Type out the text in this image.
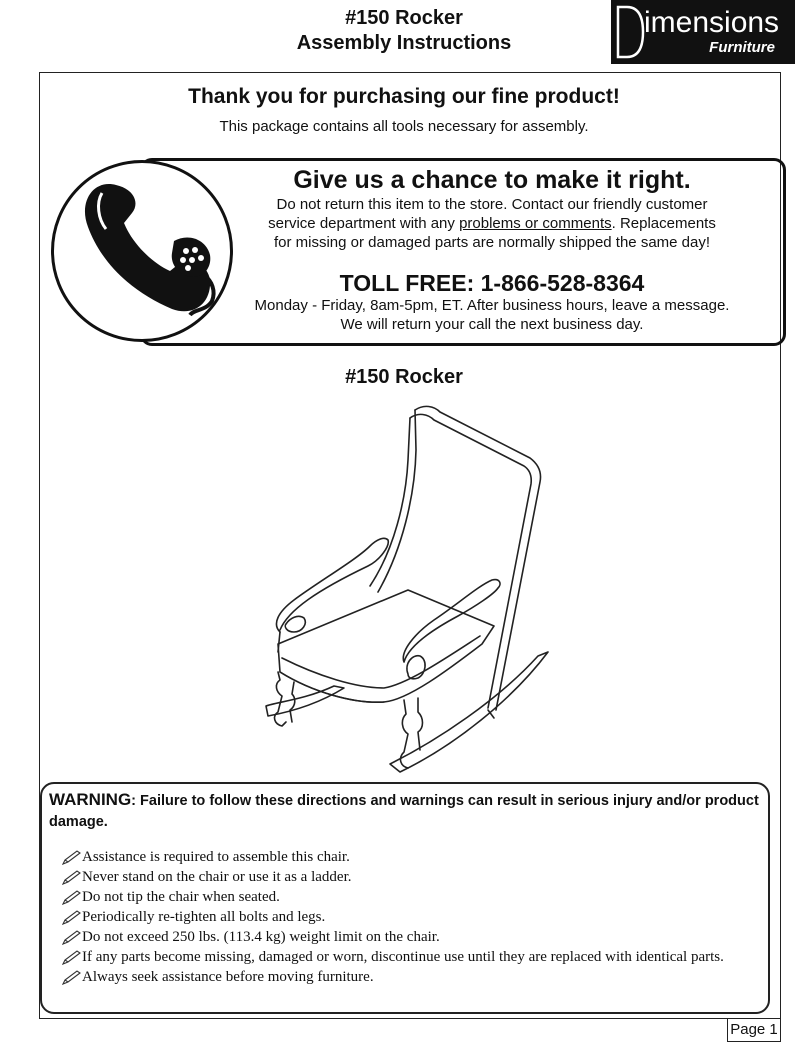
#150 Rocker
Assembly Instructions
imensions
Furniture
Thank you for purchasing our fine product!
This package contains all tools necessary for assembly.
Give us a chance to make it right.
Do not return this item to the store. Contact our friendly customer
service department with any problems or comments. Replacements
for missing or damaged parts are normally shipped the same day!
TOLL FREE: 1-866-528-8364
Monday - Friday, 8am-5pm, ET. After business hours, leave a message.
We will return your call the next business day.
#150 Rocker
WARNING: Failure to follow these directions and warnings can result in serious injury and/or product damage.
Assistance is required to assemble this chair.
Never stand on the chair or use it as a ladder.
Do not tip the chair when seated.
Periodically re-tighten all bolts and legs.
Do not exceed 250 lbs. (113.4 kg) weight limit on the chair.
If any parts become missing, damaged or worn, discontinue use until they are replaced with identical parts.
Always seek assistance before moving furniture.
Page 1
